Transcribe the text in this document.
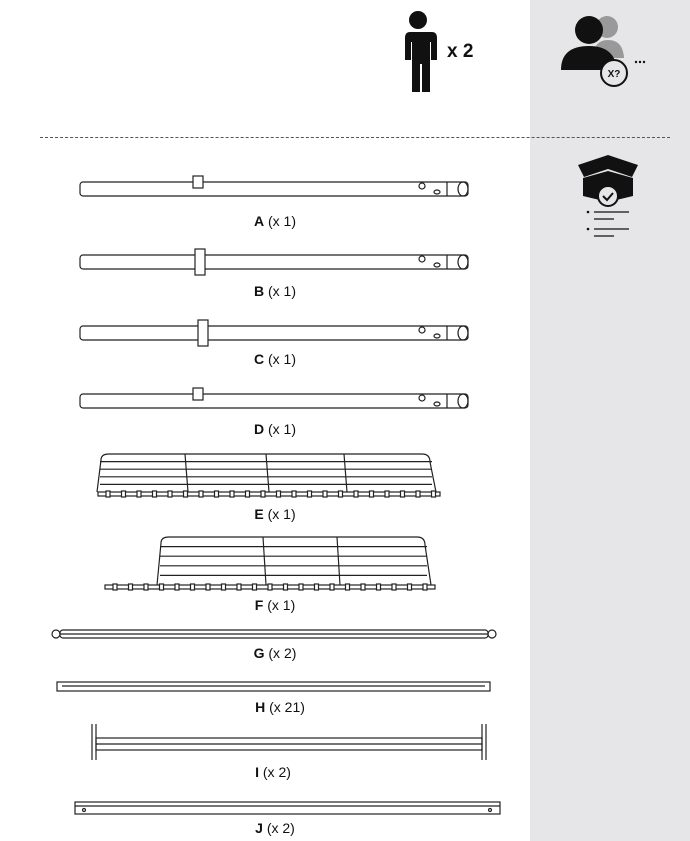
X?
x 2
A (x 1)
B (x 1)
C (x 1)
D (x 1)
E (x 1)
F (x 1)
G (x 2)
H (x 21)
I (x 2)
J (x 2)
